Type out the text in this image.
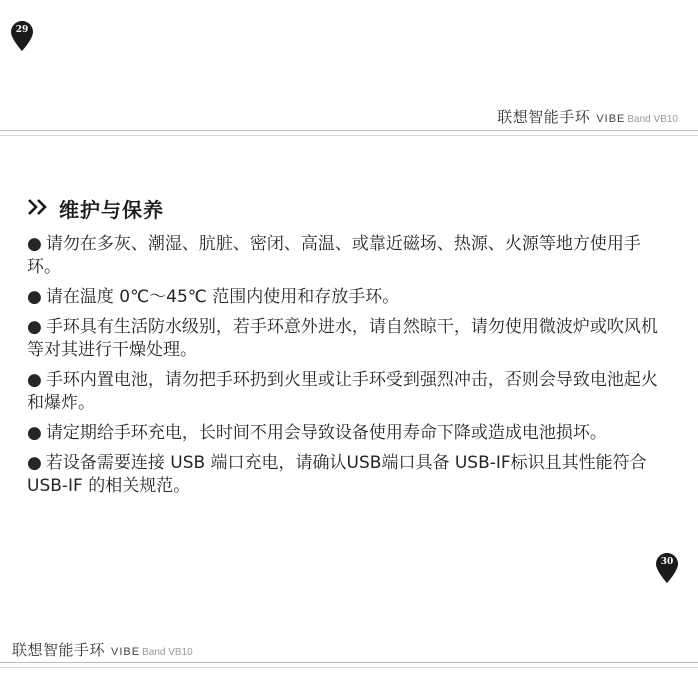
29
联想智能手环 VIBE Band VB10
维护与保养
● 请勿在多灰、潮湿、肮脏、密闭、高温、或靠近磁场、热源、火源等地方使用手环。
● 请在温度 0℃～45℃ 范围内使用和存放手环。
● 手环具有生活防水级别，若手环意外进水，请自然晾干，请勿使用微波炉或吹风机等对其进行干燥处理。
● 手环内置电池，请勿把手环扔到火里或让手环受到强烈冲击，否则会导致电池起火和爆炸。
● 请定期给手环充电，长时间不用会导致设备使用寿命下降或造成电池损坏。
● 若设备需要连接 USB 端口充电，请确认USB端口具备 USB-IF标识且其性能符合 USB-IF 的相关规范。
30
联想智能手环 VIBE Band VB10
